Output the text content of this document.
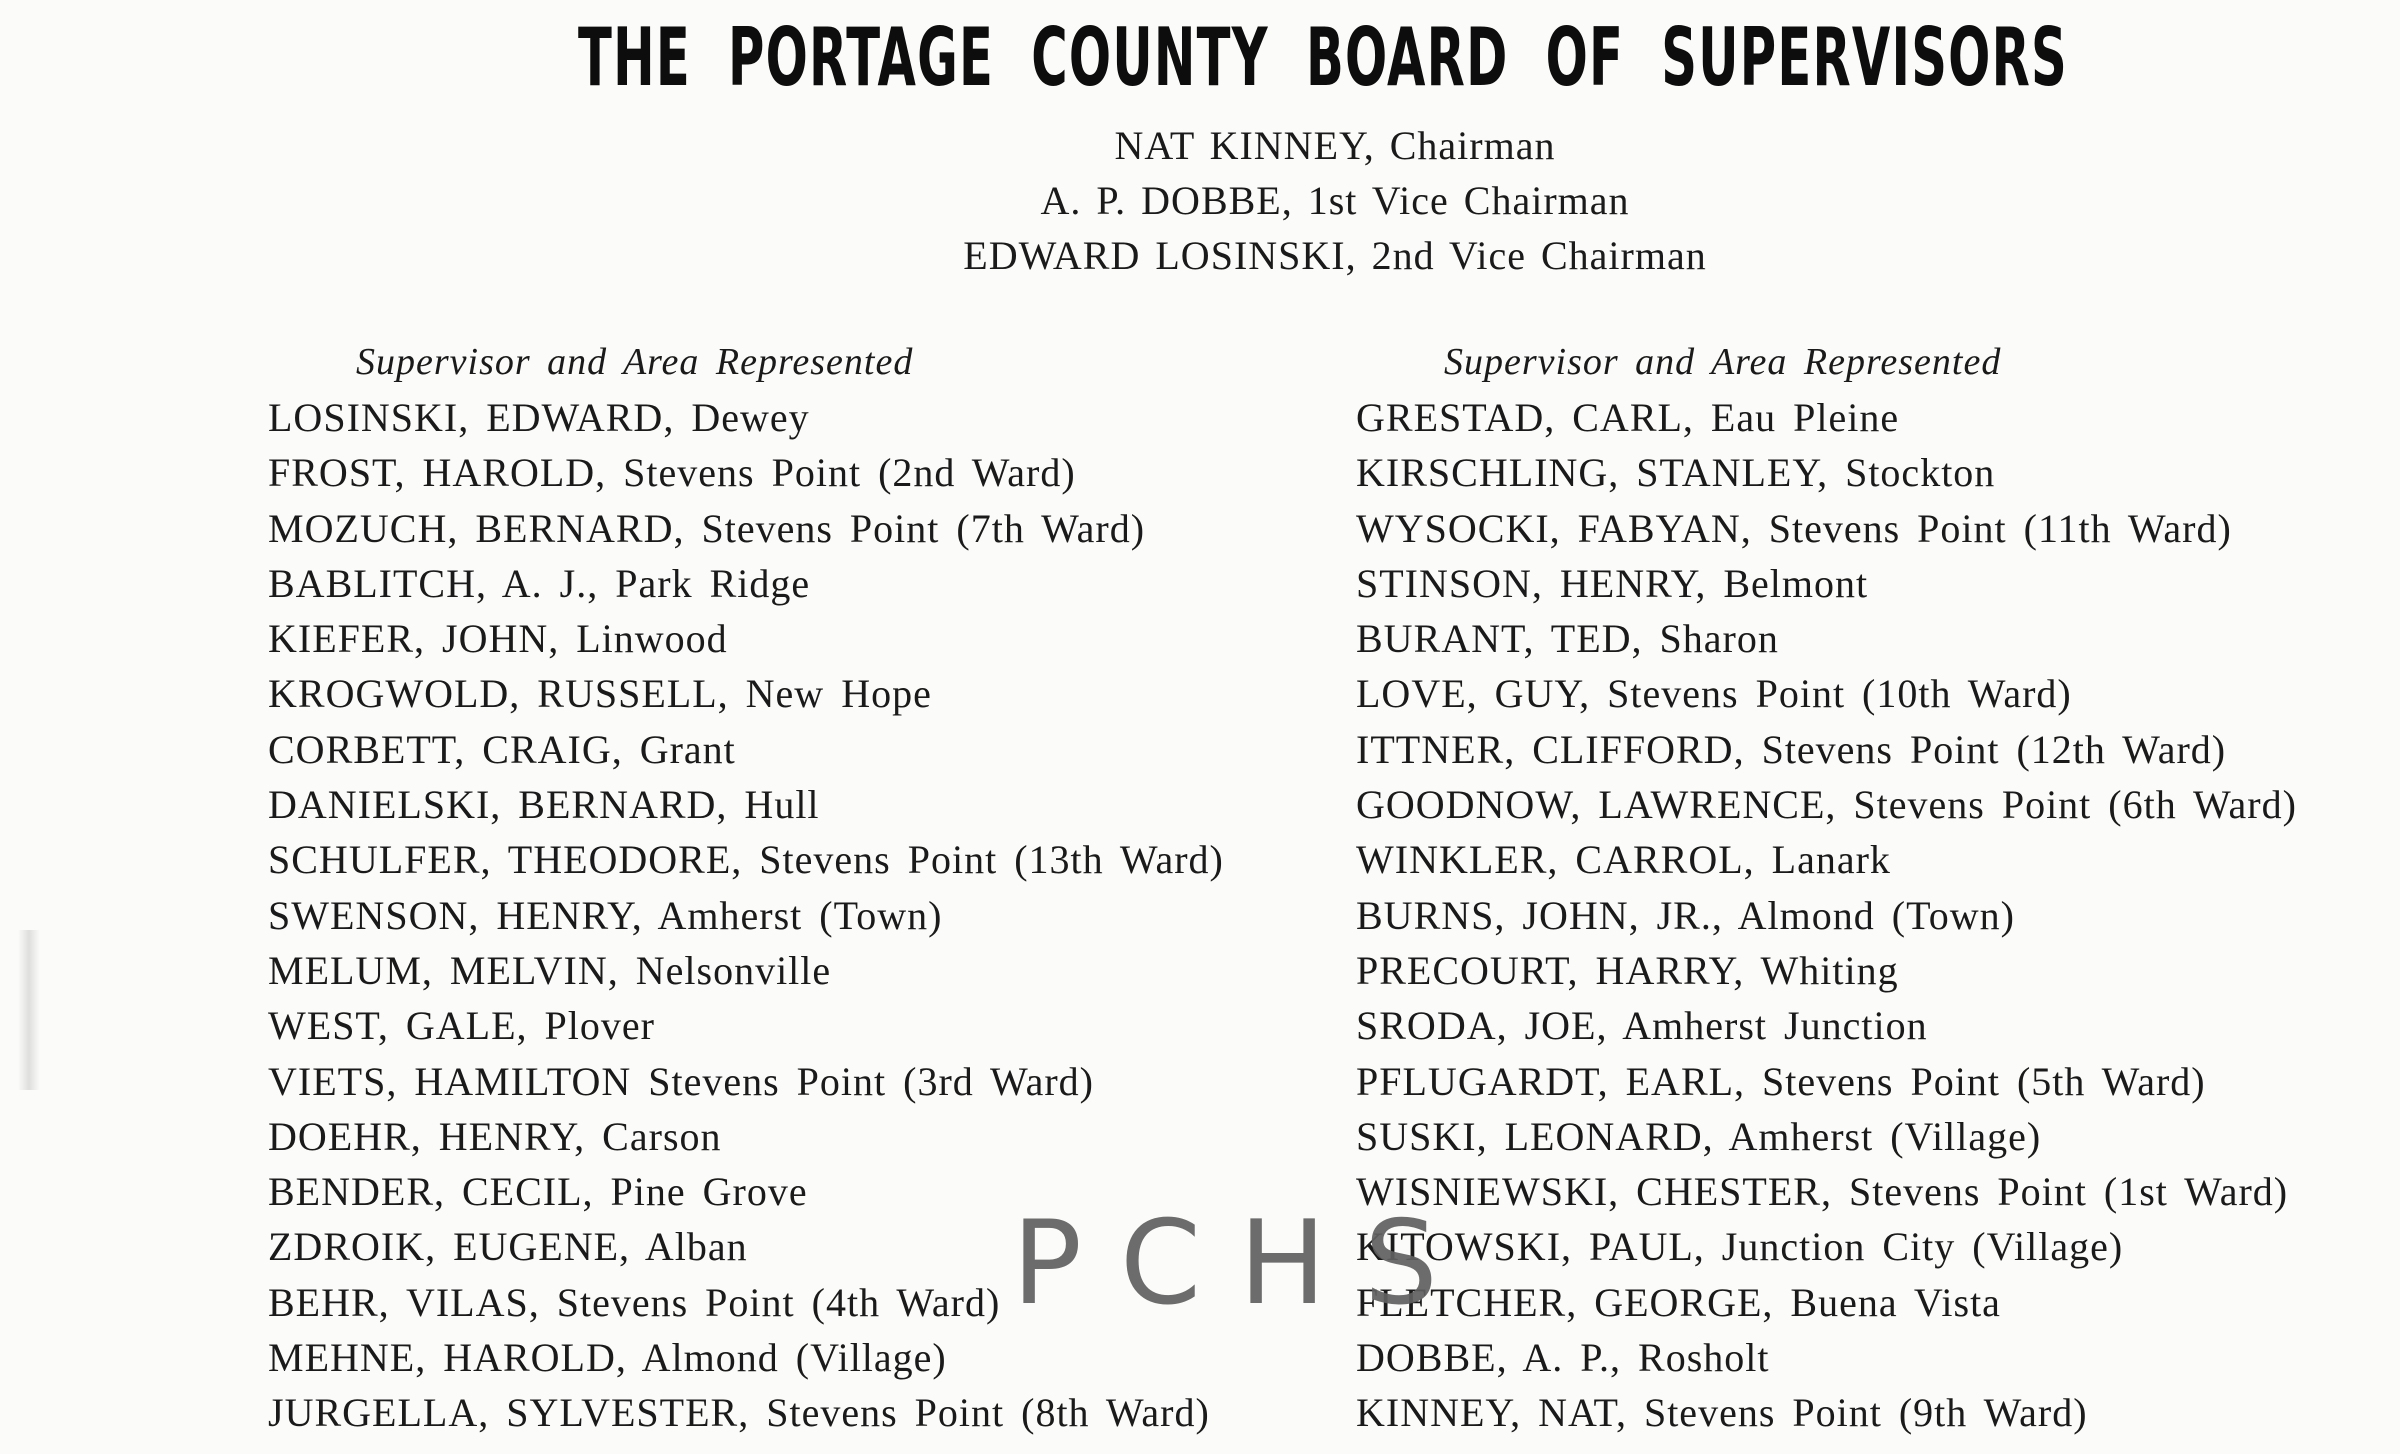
THE PORTAGE COUNTY BOARD OF SUPERVISORS
NAT KINNEY, Chairman
A. P. DOBBE, 1st Vice Chairman
EDWARD LOSINSKI, 2nd Vice Chairman
Supervisor and Area Represented
LOSINSKI, EDWARD, Dewey
FROST, HAROLD, Stevens Point (2nd Ward)
MOZUCH, BERNARD, Stevens Point (7th Ward)
BABLITCH, A. J., Park Ridge
KIEFER, JOHN, Linwood
KROGWOLD, RUSSELL, New Hope
CORBETT, CRAIG, Grant
DANIELSKI, BERNARD, Hull
SCHULFER, THEODORE, Stevens Point (13th Ward)
SWENSON, HENRY, Amherst (Town)
MELUM, MELVIN, Nelsonville
WEST, GALE, Plover
VIETS, HAMILTON Stevens Point (3rd Ward)
DOEHR, HENRY, Carson
BENDER, CECIL, Pine Grove
ZDROIK, EUGENE, Alban
BEHR, VILAS, Stevens Point (4th Ward)
MEHNE, HAROLD, Almond (Village)
JURGELLA, SYLVESTER, Stevens Point (8th Ward)
Supervisor and Area Represented
GRESTAD, CARL, Eau Pleine
KIRSCHLING, STANLEY, Stockton
WYSOCKI, FABYAN, Stevens Point (11th Ward)
STINSON, HENRY, Belmont
BURANT, TED, Sharon
LOVE, GUY, Stevens Point (10th Ward)
ITTNER, CLIFFORD, Stevens Point (12th Ward)
GOODNOW, LAWRENCE, Stevens Point (6th Ward)
WINKLER, CARROL, Lanark
BURNS, JOHN, JR., Almond (Town)
PRECOURT, HARRY, Whiting
SRODA, JOE, Amherst Junction
PFLUGARDT, EARL, Stevens Point (5th Ward)
SUSKI, LEONARD, Amherst (Village)
WISNIEWSKI, CHESTER, Stevens Point (1st Ward)
KITOWSKI, PAUL, Junction City (Village)
FLETCHER, GEORGE, Buena Vista
DOBBE, A. P., Rosholt
KINNEY, NAT, Stevens Point (9th Ward)
PCHS
